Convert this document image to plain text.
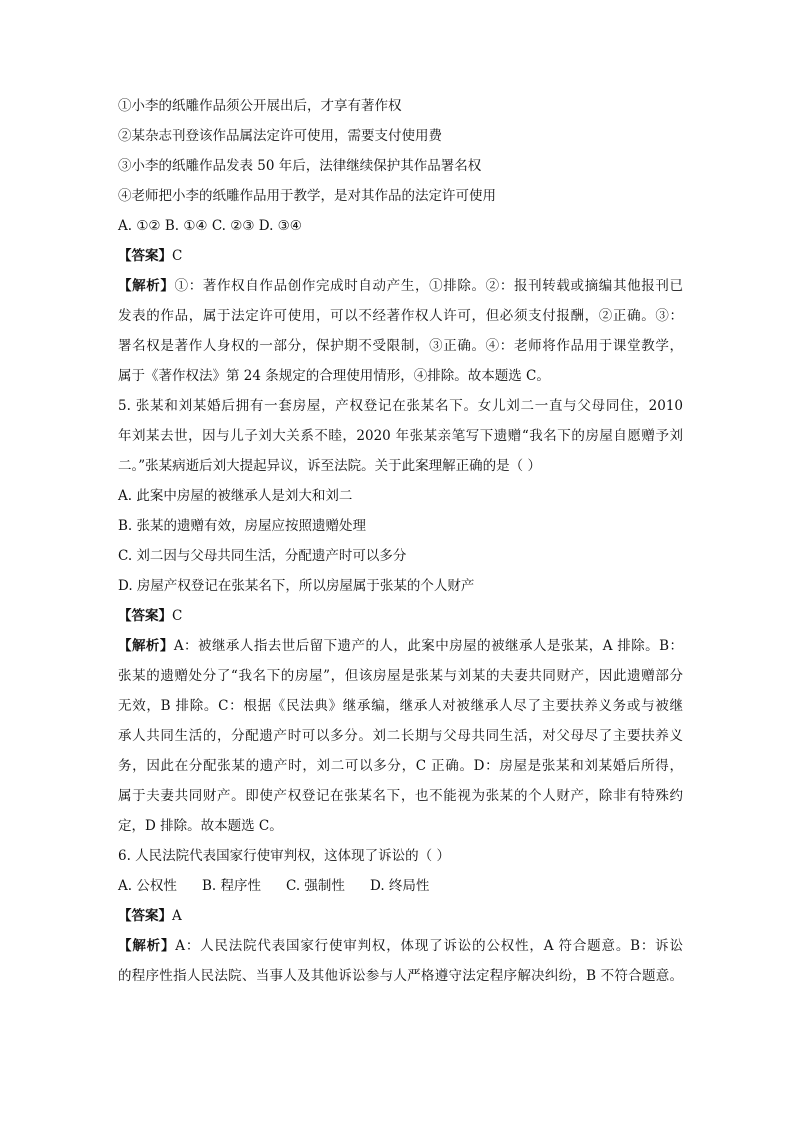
①小李的纸雕作品须公开展出后，才享有著作权
②某杂志刊登该作品属法定许可使用，需要支付使用费
③小李的纸雕作品发表 50 年后，法律继续保护其作品署名权
④老师把小李的纸雕作品用于教学，是对其作品的法定许可使用
A. ①② B. ①④ C. ②③ D. ③④
【答案】C
【解析】①：著作权自作品创作完成时自动产生，①排除。②：报刊转载或摘编其他报刊已
发表的作品，属于法定许可使用，可以不经著作权人许可，但必须支付报酬，②正确。③：
署名权是著作人身权的一部分，保护期不受限制，③正确。④：老师将作品用于课堂教学，
属于《著作权法》第 24 条规定的合理使用情形，④排除。故本题选 C。
5. 张某和刘某婚后拥有一套房屋，产权登记在张某名下。女儿刘二一直与父母同住，2010
年刘某去世，因与儿子刘大关系不睦，2020 年张某亲笔写下遗赠“我名下的房屋自愿赠予刘
二。”张某病逝后刘大提起异议，诉至法院。关于此案理解正确的是（ ）
A. 此案中房屋的被继承人是刘大和刘二
B. 张某的遗赠有效，房屋应按照遗赠处理
C. 刘二因与父母共同生活，分配遗产时可以多分
D. 房屋产权登记在张某名下，所以房屋属于张某的个人财产
【答案】C
【解析】A：被继承人指去世后留下遗产的人，此案中房屋的被继承人是张某，A 排除。B：
张某的遗赠处分了“我名下的房屋”，但该房屋是张某与刘某的夫妻共同财产，因此遗赠部分
无效，B 排除。C：根据《民法典》继承编，继承人对被继承人尽了主要扶养义务或与被继
承人共同生活的，分配遗产时可以多分。刘二长期与父母共同生活，对父母尽了主要扶养义
务，因此在分配张某的遗产时，刘二可以多分，C 正确。D：房屋是张某和刘某婚后所得，
属于夫妻共同财产。即使产权登记在张某名下，也不能视为张某的个人财产，除非有特殊约
定，D 排除。故本题选 C。
6. 人民法院代表国家行使审判权，这体现了诉讼的（ ）
A. 公权性 B. 程序性 C. 强制性 D. 终局性
【答案】A
【解析】A：人民法院代表国家行使审判权，体现了诉讼的公权性，A 符合题意。B：诉讼
的程序性指人民法院、当事人及其他诉讼参与人严格遵守法定程序解决纠纷，B 不符合题意。
